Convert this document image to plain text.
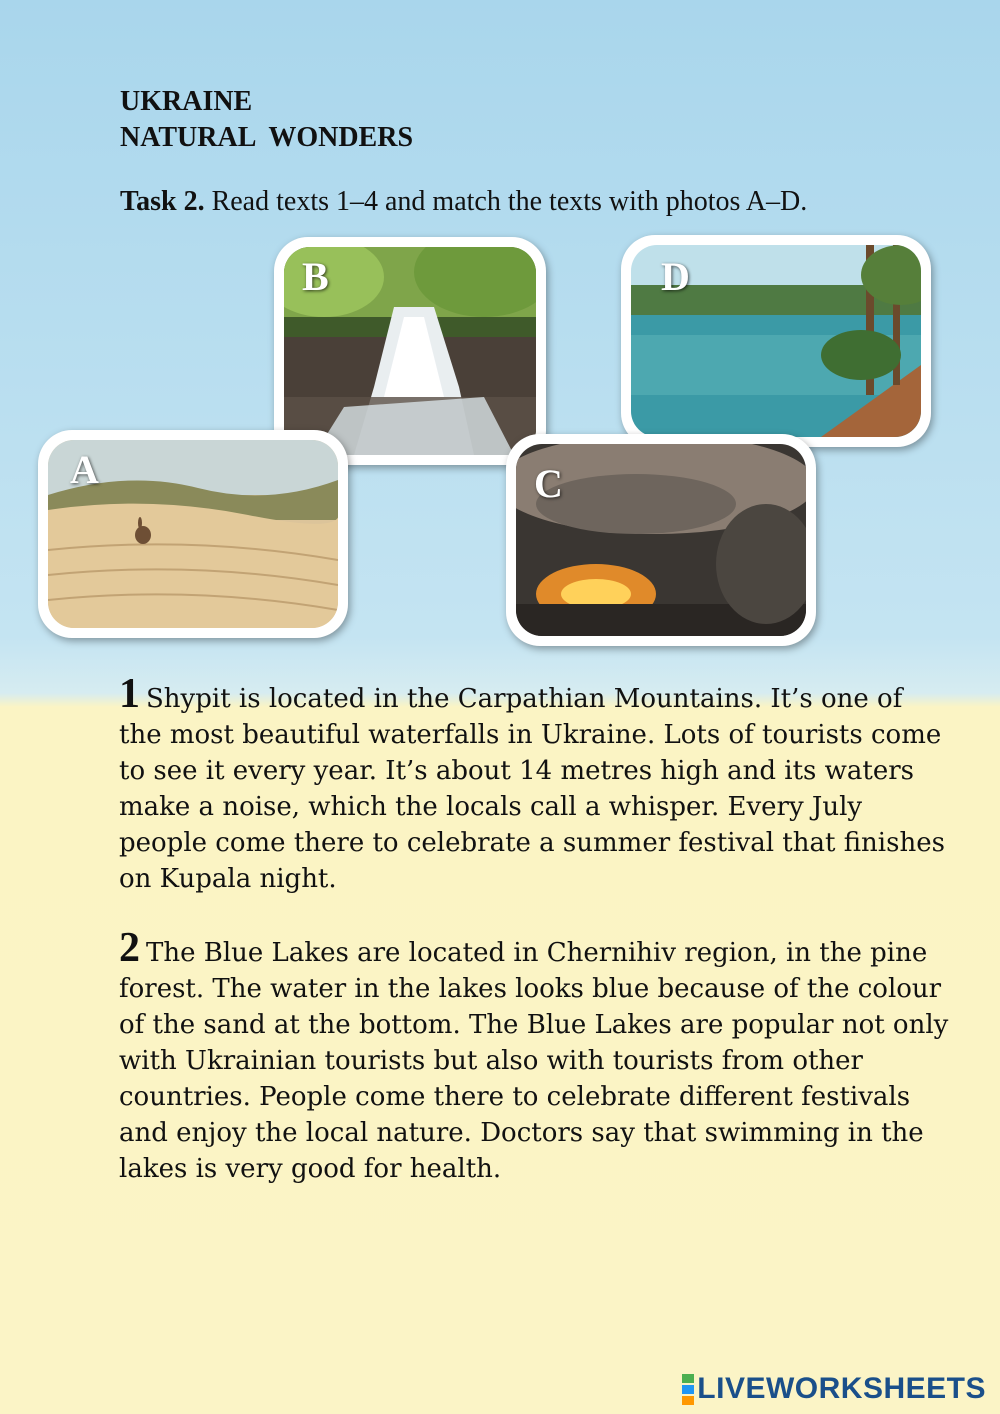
UKRAINE
NATURAL  WONDERS
Task 2. Read texts 1–4 and match the texts with photos A–D.
B	D
A	C
1 Shypit is located in the Carpathian Mountains. It’s one of the most beautiful waterfalls in Ukraine. Lots of tourists come to see it every year. It’s about 14 metres high and its waters make a noise, which the locals call a whisper. Every July people come there to celebrate a summer festival that finishes on Kupala night.
2 The Blue Lakes are located in Chernihiv region, in the pine forest. The water in the lakes looks blue because of the colour of the sand at the bottom. The Blue Lakes are popular not only with Ukrainian tourists but also with tourists from other countries. People come there to celebrate different festivals and enjoy the local nature. Doctors say that swimming in the lakes is very good for health.
LIVEWORKSHEETS
